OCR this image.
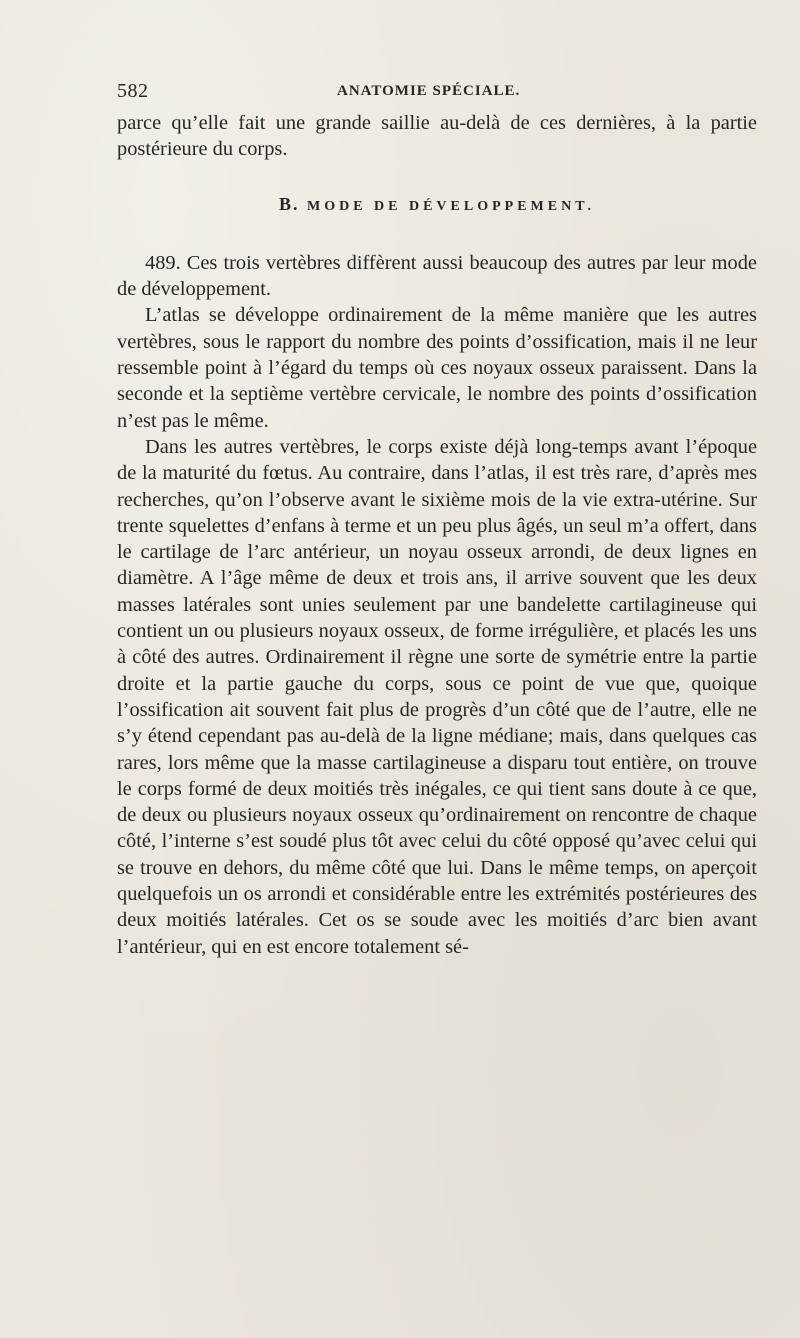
582	ANATOMIE SPÉCIALE.

parce qu’elle fait une grande saillie au-delà de ces dernières, à la partie postérieure du corps.

B. MODE DE DÉVELOPPEMENT.

489. Ces trois vertèbres diffèrent aussi beaucoup des autres par leur mode de développement.

L’atlas se développe ordinairement de la même manière que les autres vertèbres, sous le rapport du nombre des points d’ossification, mais il ne leur ressemble point à l’égard du temps où ces noyaux osseux paraissent. Dans la seconde et la septième vertèbre cervicale, le nombre des points d’ossification n’est pas le même.

Dans les autres vertèbres, le corps existe déjà long-temps avant l’époque de la maturité du fœtus. Au contraire, dans l’atlas, il est très rare, d’après mes recherches, qu’on l’observe avant le sixième mois de la vie extra-utérine. Sur trente squelettes d’enfans à terme et un peu plus âgés, un seul m’a offert, dans le cartilage de l’arc antérieur, un noyau osseux arrondi, de deux lignes en diamètre. A l’âge même de deux et trois ans, il arrive souvent que les deux masses latérales sont unies seulement par une bandelette cartilagineuse qui contient un ou plusieurs noyaux osseux, de forme irrégulière, et placés les uns à côté des autres. Ordinairement il règne une sorte de symétrie entre la partie droite et la partie gauche du corps, sous ce point de vue que, quoique l’ossification ait souvent fait plus de progrès d’un côté que de l’autre, elle ne s’y étend cependant pas au-delà de la ligne médiane; mais, dans quelques cas rares, lors même que la masse cartilagineuse a disparu tout entière, on trouve le corps formé de deux moitiés très inégales, ce qui tient sans doute à ce que, de deux ou plusieurs noyaux osseux qu’ordinairement on rencontre de chaque côté, l’interne s’est soudé plus tôt avec celui du côté opposé qu’avec celui qui se trouve en dehors, du même côté que lui. Dans le même temps, on aperçoit quelquefois un os arrondi et considérable entre les extrémités postérieures des deux moitiés latérales. Cet os se soude avec les moitiés d’arc bien avant l’antérieur, qui en est encore totalement sé-
